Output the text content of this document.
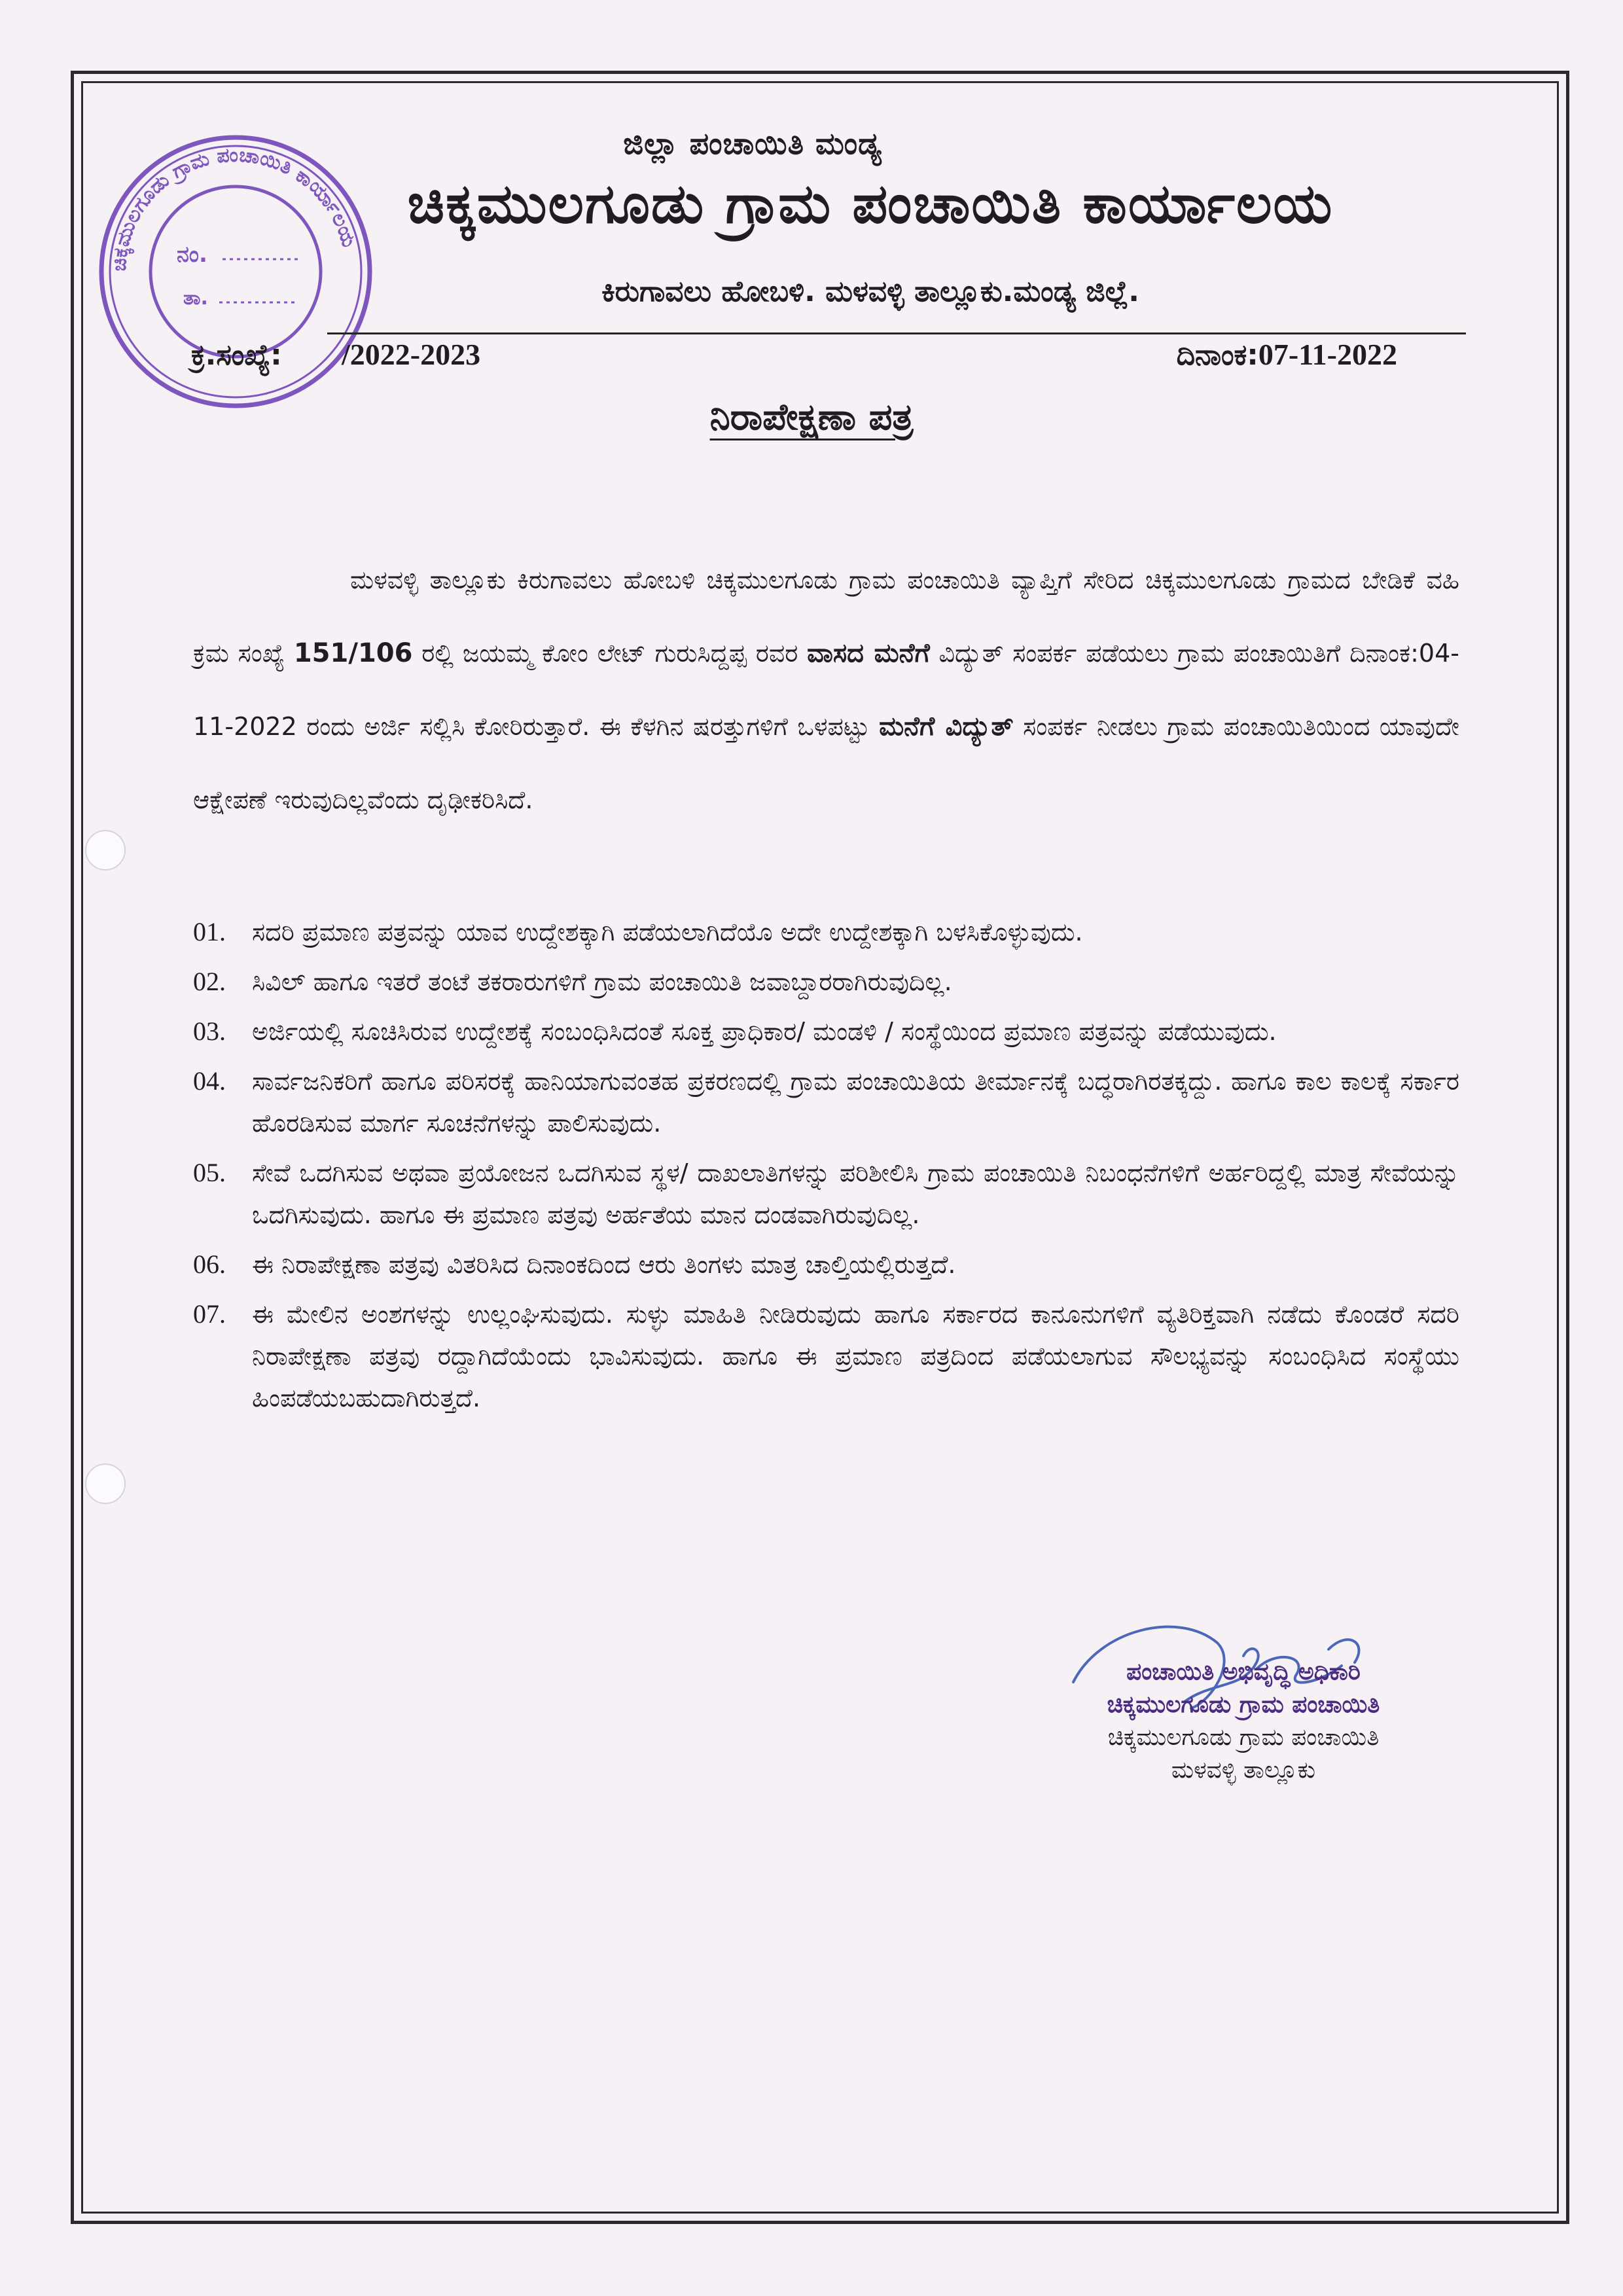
ಚಿಕ್ಕಮುಲಗೂಡು ಗ್ರಾಮ ಪಂಚಾಯಿತಿ ಕಾರ್ಯಾಲಯ
ನಂ.
ತಾ.
ಜಿಲ್ಲಾ ಪಂಚಾಯಿತಿ ಮಂಡ್ಯ
ಚಿಕ್ಕಮುಲಗೂಡು ಗ್ರಾಮ ಪಂಚಾಯಿತಿ ಕಾರ್ಯಾಲಯ
ಕಿರುಗಾವಲು ಹೋಬಳಿ. ಮಳವಳ್ಳಿ ತಾಲ್ಲೂಕು.ಮಂಡ್ಯ ಜಿಲ್ಲೆ.
ಕ್ರ.ಸಂಖ್ಯೆ: /2022-2023	ದಿನಾಂಕ:07-11-2022
ನಿರಾಪೇಕ್ಷಣಾ ಪತ್ರ

ಮಳವಳ್ಳಿ ತಾಲ್ಲೂಕು ಕಿರುಗಾವಲು ಹೋಬಳಿ ಚಿಕ್ಕಮುಲಗೂಡು ಗ್ರಾಮ ಪಂಚಾಯಿತಿ ವ್ಯಾಪ್ತಿಗೆ ಸೇರಿದ ಚಿಕ್ಕಮುಲಗೂಡು ಗ್ರಾಮದ ಬೇಡಿಕೆ ವಹಿ ಕ್ರಮ ಸಂಖ್ಯೆ 151/106 ರಲ್ಲಿ ಜಯಮ್ಮ ಕೋಂ ಲೇಟ್ ಗುರುಸಿದ್ದಪ್ಪ ರವರ ವಾಸದ ಮನೆಗೆ ವಿದ್ಯುತ್ ಸಂಪರ್ಕ ಪಡೆಯಲು ಗ್ರಾಮ ಪಂಚಾಯಿತಿಗೆ ದಿನಾಂಕ:04-11-2022 ರಂದು ಅರ್ಜಿ ಸಲ್ಲಿಸಿ ಕೋರಿರುತ್ತಾರೆ. ಈ ಕೆಳಗಿನ ಷರತ್ತುಗಳಿಗೆ ಒಳಪಟ್ಟು ಮನೆಗೆ ವಿದ್ಯುತ್ ಸಂಪರ್ಕ ನೀಡಲು ಗ್ರಾಮ ಪಂಚಾಯಿತಿಯಿಂದ ಯಾವುದೇ ಆಕ್ಷೇಪಣೆ ಇರುವುದಿಲ್ಲವೆಂದು ದೃಢೀಕರಿಸಿದೆ.

01. ಸದರಿ ಪ್ರಮಾಣ ಪತ್ರವನ್ನು ಯಾವ ಉದ್ದೇಶಕ್ಕಾಗಿ ಪಡೆಯಲಾಗಿದೆಯೊ ಅದೇ ಉದ್ದೇಶಕ್ಕಾಗಿ ಬಳಸಿಕೊಳ್ಳುವುದು.
02. ಸಿವಿಲ್ ಹಾಗೂ ಇತರೆ ತಂಟೆ ತಕರಾರುಗಳಿಗೆ ಗ್ರಾಮ ಪಂಚಾಯಿತಿ ಜವಾಬ್ದಾರರಾಗಿರುವುದಿಲ್ಲ.
03. ಅರ್ಜಿಯಲ್ಲಿ ಸೂಚಿಸಿರುವ ಉದ್ದೇಶಕ್ಕೆ ಸಂಬಂಧಿಸಿದಂತೆ ಸೂಕ್ತ ಪ್ರಾಧಿಕಾರ/ ಮಂಡಳಿ / ಸಂಸ್ಥೆಯಿಂದ ಪ್ರಮಾಣ ಪತ್ರವನ್ನು ಪಡೆಯುವುದು.
04. ಸಾರ್ವಜನಿಕರಿಗೆ ಹಾಗೂ ಪರಿಸರಕ್ಕೆ ಹಾನಿಯಾಗುವಂತಹ ಪ್ರಕರಣದಲ್ಲಿ ಗ್ರಾಮ ಪಂಚಾಯಿತಿಯ ತೀರ್ಮಾನಕ್ಕೆ ಬದ್ಧರಾಗಿರತಕ್ಕದ್ದು. ಹಾಗೂ ಕಾಲ ಕಾಲಕ್ಕೆ ಸರ್ಕಾರ ಹೊರಡಿಸುವ ಮಾರ್ಗ ಸೂಚನೆಗಳನ್ನು ಪಾಲಿಸುವುದು.
05. ಸೇವೆ ಒದಗಿಸುವ ಅಥವಾ ಪ್ರಯೋಜನ ಒದಗಿಸುವ ಸ್ಥಳ/ ದಾಖಲಾತಿಗಳನ್ನು ಪರಿಶೀಲಿಸಿ ಗ್ರಾಮ ಪಂಚಾಯಿತಿ ನಿಬಂಧನೆಗಳಿಗೆ ಅರ್ಹರಿದ್ದಲ್ಲಿ ಮಾತ್ರ ಸೇವೆಯನ್ನು ಒದಗಿಸುವುದು. ಹಾಗೂ ಈ ಪ್ರಮಾಣ ಪತ್ರವು ಅರ್ಹತೆಯ ಮಾನ ದಂಡವಾಗಿರುವುದಿಲ್ಲ.
06. ಈ ನಿರಾಪೇಕ್ಷಣಾ ಪತ್ರವು ವಿತರಿಸಿದ ದಿನಾಂಕದಿಂದ ಆರು ತಿಂಗಳು ಮಾತ್ರ ಚಾಲ್ತಿಯಲ್ಲಿರುತ್ತದೆ.
07. ಈ ಮೇಲಿನ ಅಂಶಗಳನ್ನು ಉಲ್ಲಂಘಿಸುವುದು. ಸುಳ್ಳು ಮಾಹಿತಿ ನೀಡಿರುವುದು ಹಾಗೂ ಸರ್ಕಾರದ ಕಾನೂನುಗಳಿಗೆ ವ್ಯತಿರಿಕ್ತವಾಗಿ ನಡೆದು ಕೊಂಡರೆ ಸದರಿ ನಿರಾಪೇಕ್ಷಣಾ ಪತ್ರವು ರದ್ದಾಗಿದೆಯೆಂದು ಭಾವಿಸುವುದು. ಹಾಗೂ ಈ ಪ್ರಮಾಣ ಪತ್ರದಿಂದ ಪಡೆಯಲಾಗುವ ಸೌಲಭ್ಯವನ್ನು ಸಂಬಂಧಿಸಿದ ಸಂಸ್ಥೆಯು ಹಿಂಪಡೆಯಬಹುದಾಗಿರುತ್ತದೆ.
ಪಂಚಾಯಿತಿ ಅಭಿವೃದ್ಧಿ ಅಧಿಕಾರಿ
ಚಿಕ್ಕಮುಲಗೂಡು ಗ್ರಾಮ ಪಂಚಾಯಿತಿ
ಚಿಕ್ಕಮುಲಗೂಡು ಗ್ರಾಮ ಪಂಚಾಯಿತಿ
ಮಳವಳ್ಳಿ ತಾಲ್ಲೂಕು
